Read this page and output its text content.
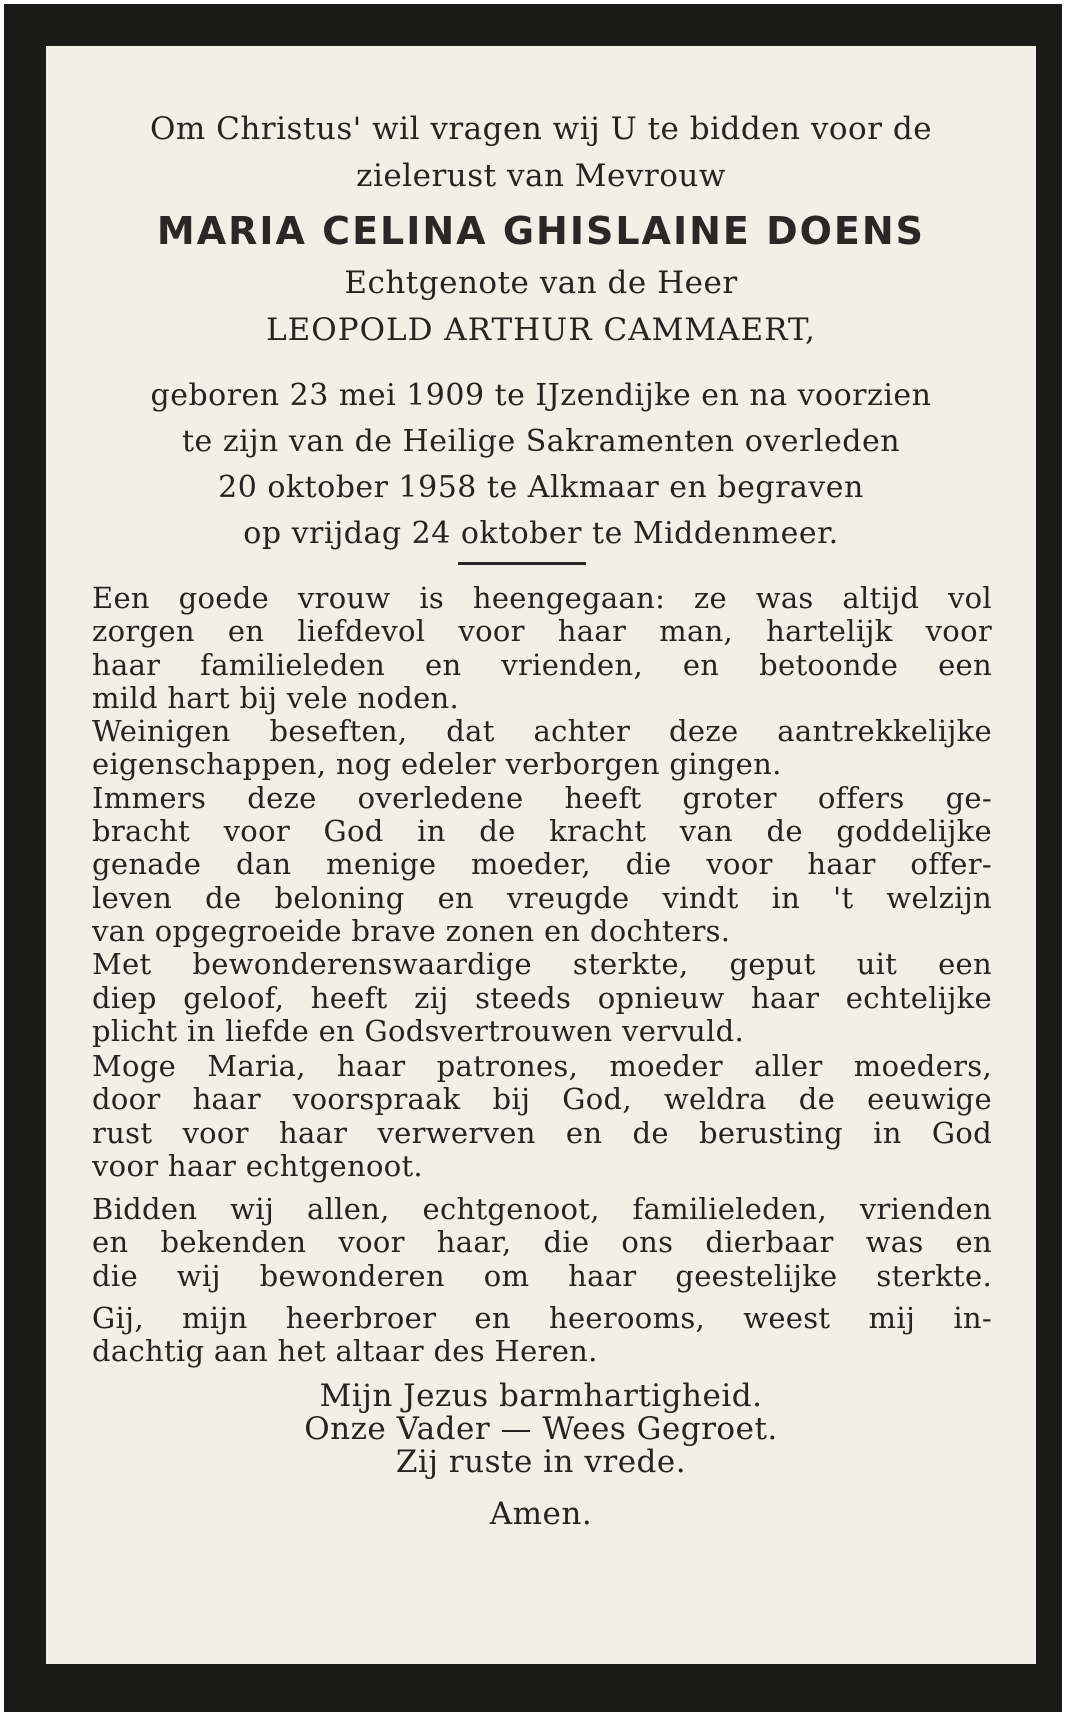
Om Christus' wil vragen wij U te bidden voor de
zielerust van Mevrouw
MARIA CELINA GHISLAINE DOENS
Echtgenote van de Heer
LEOPOLD ARTHUR CAMMAERT,
geboren 23 mei 1909 te IJzendijke en na voorzien
te zijn van de Heilige Sakramenten overleden
20 oktober 1958 te Alkmaar en begraven
op vrijdag 24 oktober te Middenmeer.
Een goede vrouw is heengegaan: ze was altijd vol
zorgen en liefdevol voor haar man, hartelijk voor
haar familieleden en vrienden, en betoonde een
mild hart bij vele noden.
Weinigen beseften, dat achter deze aantrekkelijke
eigenschappen, nog edeler verborgen gingen.
Immers deze overledene heeft groter offers ge-
bracht voor God in de kracht van de goddelijke
genade dan menige moeder, die voor haar offer-
leven de beloning en vreugde vindt in 't welzijn
van opgegroeide brave zonen en dochters.
Met bewonderenswaardige sterkte, geput uit een
diep geloof, heeft zij steeds opnieuw haar echtelijke
plicht in liefde en Godsvertrouwen vervuld.
Moge Maria, haar patrones, moeder aller moeders,
door haar voorspraak bij God, weldra de eeuwige
rust voor haar verwerven en de berusting in God
voor haar echtgenoot.
Bidden wij allen, echtgenoot, familieleden, vrienden
en bekenden voor haar, die ons dierbaar was en
die wij bewonderen om haar geestelijke sterkte.
Gij, mijn heerbroer en heerooms, weest mij in-
dachtig aan het altaar des Heren.
Mijn Jezus barmhartigheid.
Onze Vader — Wees Gegroet.
Zij ruste in vrede.
Amen.
